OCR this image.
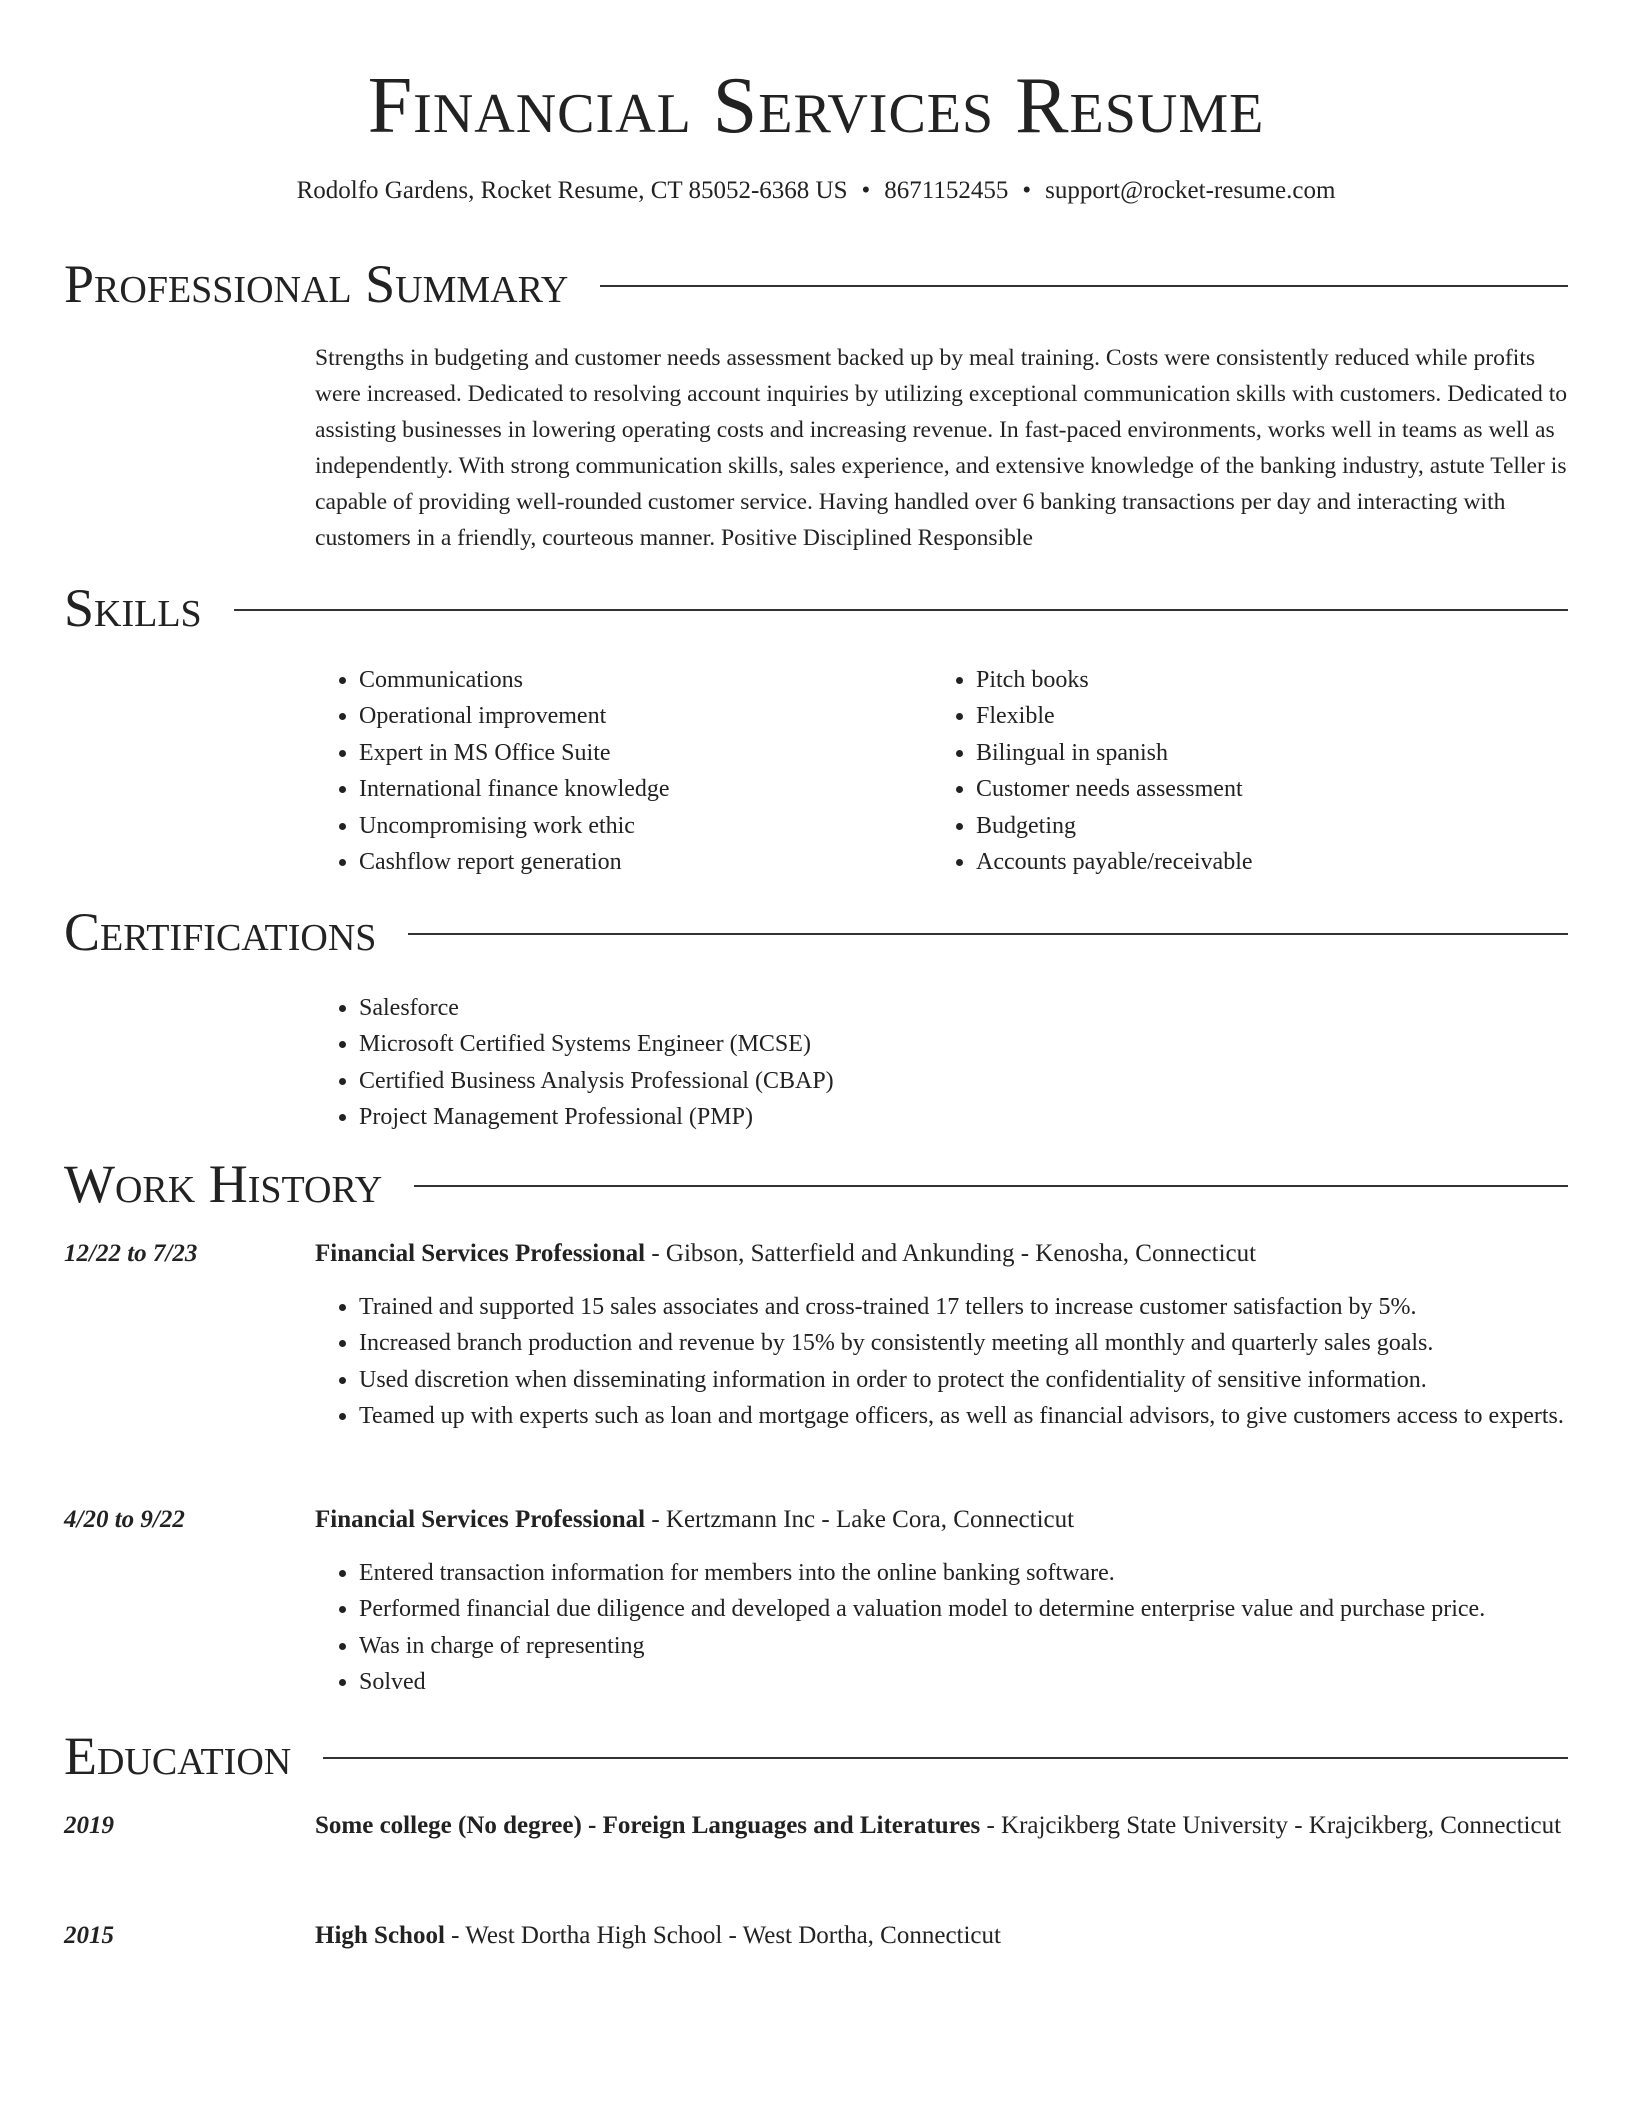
Financial Services Resume
Rodolfo Gardens, Rocket Resume, CT 85052-6368 US • 8671152455 • support@rocket-resume.com
Professional Summary
Strengths in budgeting and customer needs assessment backed up by meal training. Costs were consistently reduced while profits were increased. Dedicated to resolving account inquiries by utilizing exceptional communication skills with customers. Dedicated to assisting businesses in lowering operating costs and increasing revenue. In fast-paced environments, works well in teams as well as independently. With strong communication skills, sales experience, and extensive knowledge of the banking industry, astute Teller is capable of providing well-rounded customer service. Having handled over 6 banking transactions per day and interacting with customers in a friendly, courteous manner. Positive Disciplined Responsible
Skills
• Communications
• Operational improvement
• Expert in MS Office Suite
• International finance knowledge
• Uncompromising work ethic
• Cashflow report generation
• Pitch books
• Flexible
• Bilingual in spanish
• Customer needs assessment
• Budgeting
• Accounts payable/receivable
Certifications
• Salesforce
• Microsoft Certified Systems Engineer (MCSE)
• Certified Business Analysis Professional (CBAP)
• Project Management Professional (PMP)
Work History
12/22 to 7/23	Financial Services Professional - Gibson, Satterfield and Ankunding - Kenosha, Connecticut
• Trained and supported 15 sales associates and cross-trained 17 tellers to increase customer satisfaction by 5%.
• Increased branch production and revenue by 15% by consistently meeting all monthly and quarterly sales goals.
• Used discretion when disseminating information in order to protect the confidentiality of sensitive information.
• Teamed up with experts such as loan and mortgage officers, as well as financial advisors, to give customers access to experts.
4/20 to 9/22	Financial Services Professional - Kertzmann Inc - Lake Cora, Connecticut
• Entered transaction information for members into the online banking software.
• Performed financial due diligence and developed a valuation model to determine enterprise value and purchase price.
• Was in charge of representing
• Solved
Education
2019	Some college (No degree) - Foreign Languages and Literatures - Krajcikberg State University - Krajcikberg, Connecticut
2015	High School - West Dortha High School - West Dortha, Connecticut
